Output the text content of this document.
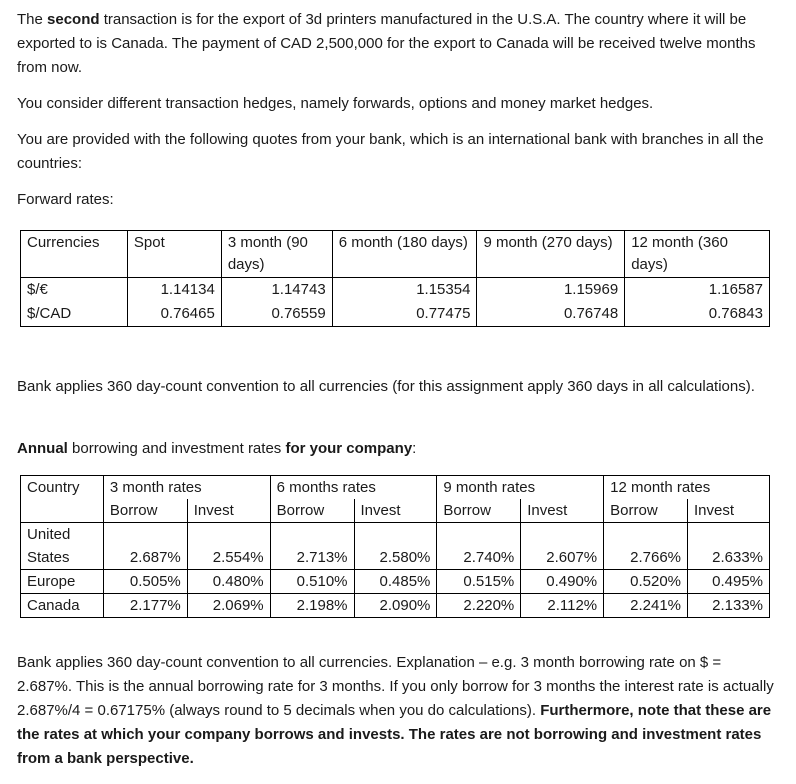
The second transaction is for the export of 3d printers manufactured in the U.S.A. The country where it will be exported to is Canada. The payment of CAD 2,500,000 for the export to Canada will be received twelve months from now.

You consider different transaction hedges, namely forwards, options and money market hedges.

You are provided with the following quotes from your bank, which is an international bank with branches in all the countries:

Forward rates:

Currencies	Spot	3 month (90 days)	6 month (180 days)	9 month (270 days)	12 month (360 days)
$/€	1.14134	1.14743	1.15354	1.15969	1.16587
$/CAD	0.76465	0.76559	0.77475	0.76748	0.76843

Bank applies 360 day-count convention to all currencies (for this assignment apply 360 days in all calculations).

Annual borrowing and investment rates for your company:

Country	3 month rates		6 months rates		9 month rates		12 month rates	
	Borrow	Invest	Borrow	Invest	Borrow	Invest	Borrow	Invest
United								
States	2.687%	2.554%	2.713%	2.580%	2.740%	2.607%	2.766%	2.633%
Europe	0.505%	0.480%	0.510%	0.485%	0.515%	0.490%	0.520%	0.495%
Canada	2.177%	2.069%	2.198%	2.090%	2.220%	2.112%	2.241%	2.133%

Bank applies 360 day-count convention to all currencies. Explanation – e.g. 3 month borrowing rate on $ = 2.687%. This is the annual borrowing rate for 3 months. If you only borrow for 3 months the interest rate is actually 2.687%/4 = 0.67175% (always round to 5 decimals when you do calculations). Furthermore, note that these are the rates at which your company borrows and invests. The rates are not borrowing and investment rates from a bank perspective.
